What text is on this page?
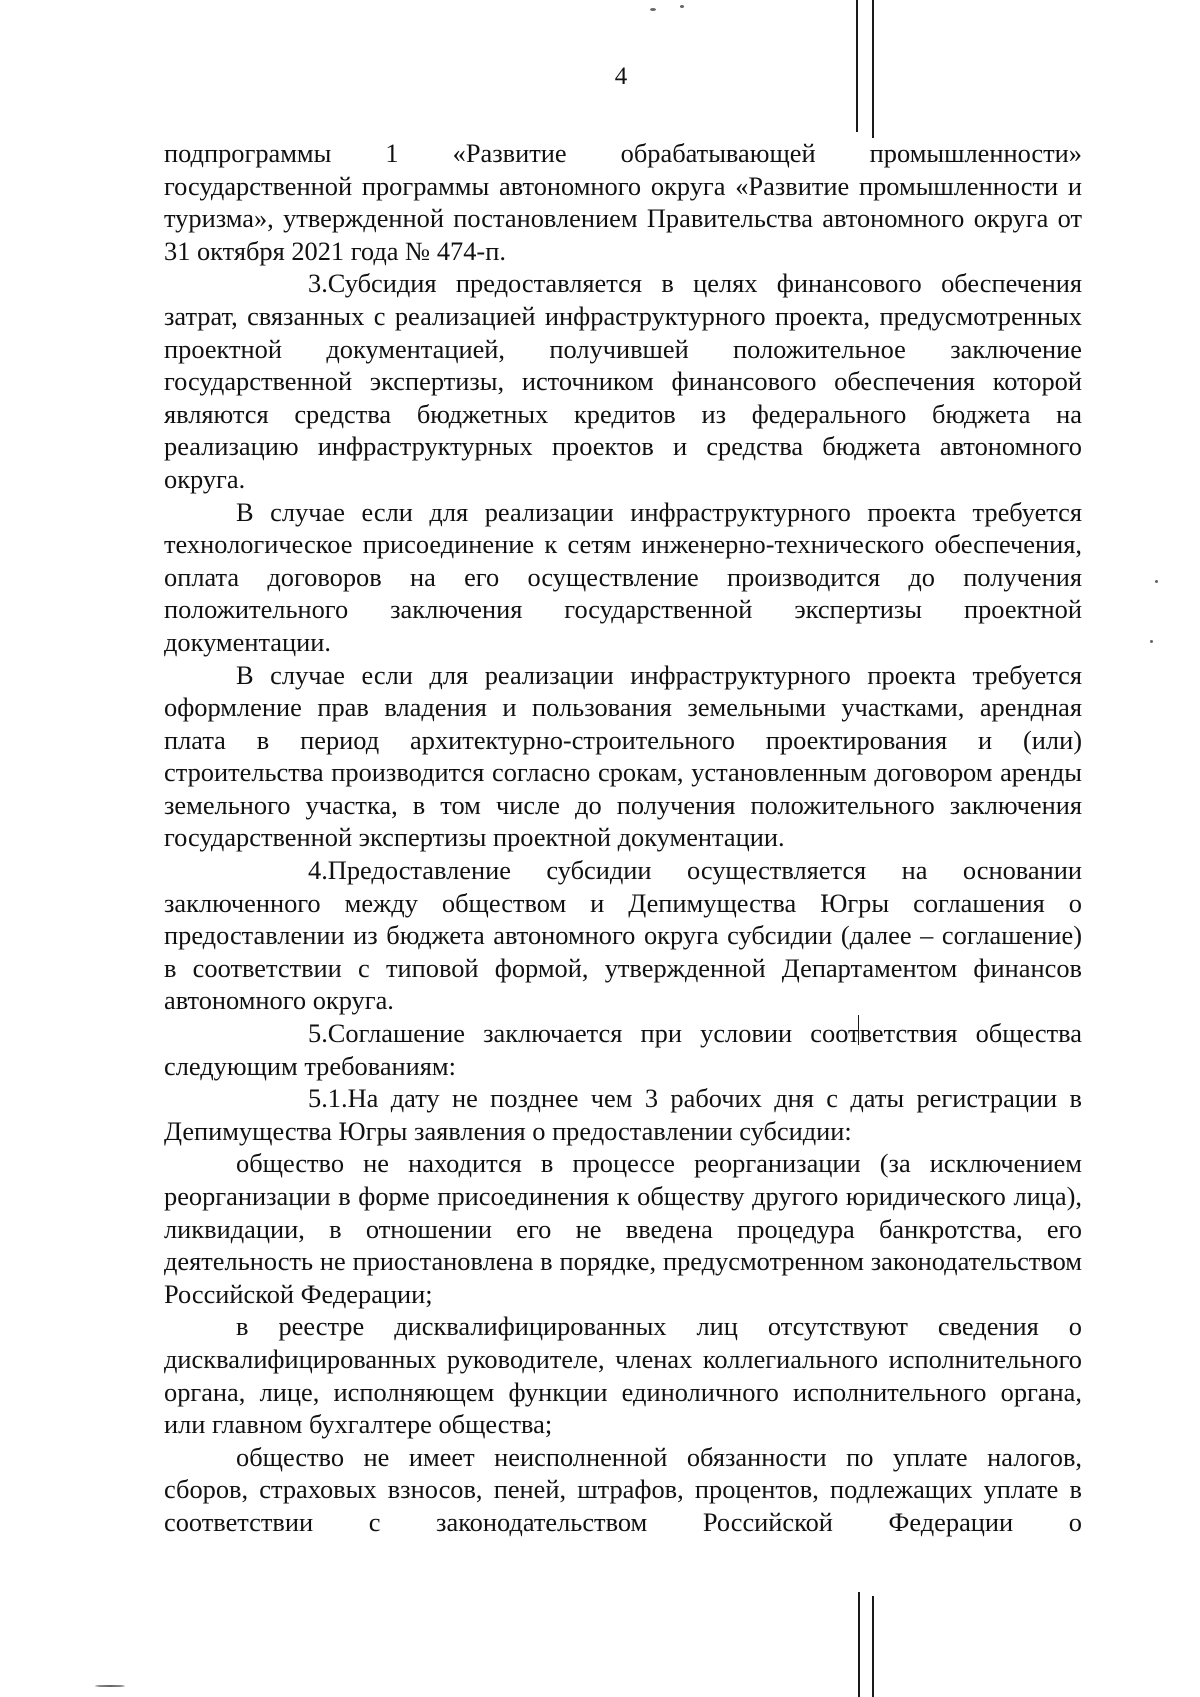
4

подпрограммы 1 «Развитие обрабатывающей промышленности» государственной программы автономного округа «Развитие промышленности и туризма», утвержденной постановлением Правительства автономного округа от 31 октября 2021 года № 474-п.

3.Субсидия предоставляется в целях финансового обеспечения затрат, связанных с реализацией инфраструктурного проекта, предусмотренных проектной документацией, получившей положительное заключение государственной экспертизы, источником финансового обеспечения которой являются средства бюджетных кредитов из федерального бюджета на реализацию инфраструктурных проектов и средства бюджета автономного округа.

В случае если для реализации инфраструктурного проекта требуется технологическое присоединение к сетям инженерно-технического обеспечения, оплата договоров на его осуществление производится до получения положительного заключения государственной экспертизы проектной документации.

В случае если для реализации инфраструктурного проекта требуется оформление прав владения и пользования земельными участками, арендная плата в период архитектурно-строительного проектирования и (или) строительства производится согласно срокам, установленным договором аренды земельного участка, в том числе до получения положительного заключения государственной экспертизы проектной документации.

4.Предоставление субсидии осуществляется на основании заключенного между обществом и Депимущества Югры соглашения о предоставлении из бюджета автономного округа субсидии (далее – соглашение) в соответствии с типовой формой, утвержденной Департаментом финансов автономного округа.

5.Соглашение заключается при условии соответствия общества следующим требованиям:

5.1.На дату не позднее чем 3 рабочих дня с даты регистрации в Депимущества Югры заявления о предоставлении субсидии:

общество не находится в процессе реорганизации (за исключением реорганизации в форме присоединения к обществу другого юридического лица), ликвидации, в отношении его не введена процедура банкротства, его деятельность не приостановлена в порядке, предусмотренном законодательством Российской Федерации;

в реестре дисквалифицированных лиц отсутствуют сведения о дисквалифицированных руководителе, членах коллегиального исполнительного органа, лице, исполняющем функции единоличного исполнительного органа, или главном бухгалтере общества;

общество не имеет неисполненной обязанности по уплате налогов, сборов, страховых взносов, пеней, штрафов, процентов, подлежащих уплате в соответствии с законодательством Российской Федерации о
